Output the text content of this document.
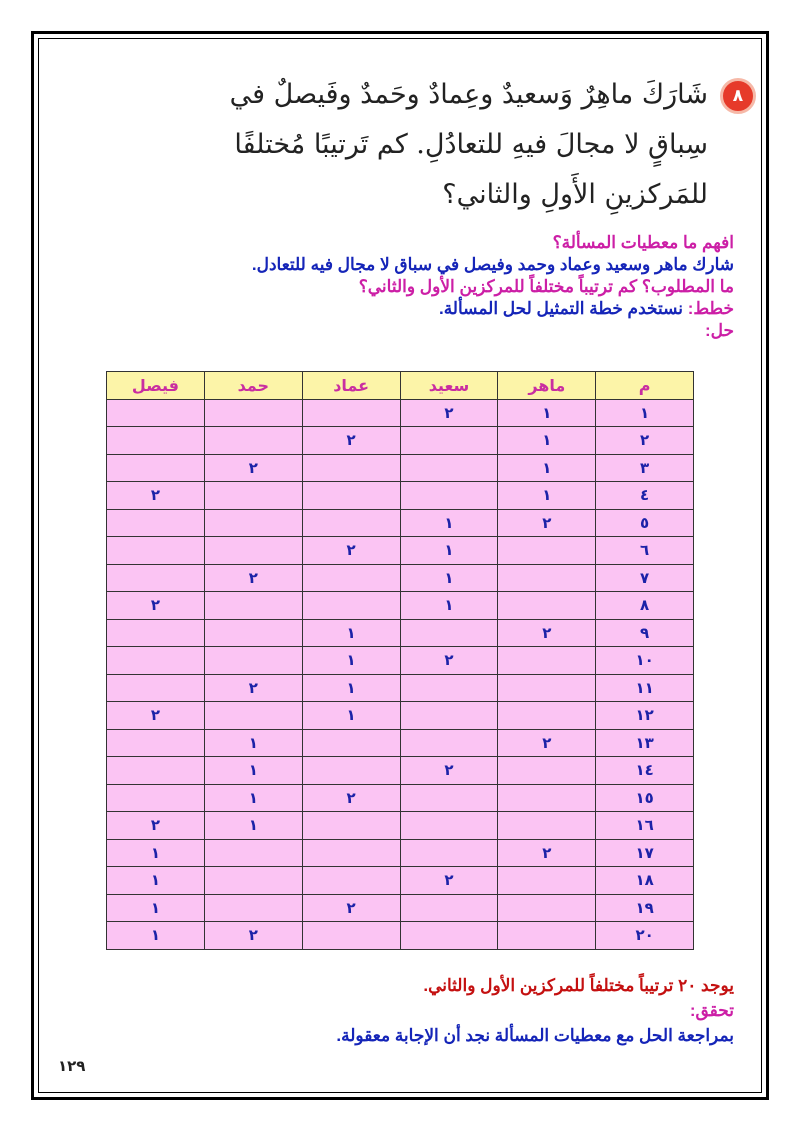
٨
شَارَكَ ماهِرٌ وَسعيدٌ وعِمادٌ وحَمدٌ وفَيصلٌ في
سِباقٍ لا مجالَ فيهِ للتعادُلِ. كم تَرتيبًا مُختلفًا
للمَركزينِ الأَولِ والثاني؟
افهم ما معطيات المسألة؟
شارك ماهر وسعيد وعماد وحمد وفيصل في سباق لا مجال فيه للتعادل.
ما المطلوب؟ كم ترتيباً مختلفاً للمركزين الأول والثاني؟
خطط: نستخدم خطة التمثيل لحل المسألة.
حل:
م	ماهر	سعيد	عماد	حمد	فيصل
١	١	٢			
٢	١		٢		
٣	١			٢	
٤	١				٢
٥	٢	١			
٦		١	٢		
٧		١		٢	
٨		١			٢
٩	٢		١		
١٠		٢	١		
١١			١	٢	
١٢			١		٢
١٣	٢			١	
١٤		٢		١	
١٥			٢	١	
١٦				١	٢
١٧	٢				١
١٨		٢			١
١٩			٢		١
٢٠				٢	١
يوجد ٢٠ ترتيباً مختلفاً للمركزين الأول والثاني.
تحقق:
بمراجعة الحل مع معطيات المسألة نجد أن الإجابة معقولة.
١٢٩
